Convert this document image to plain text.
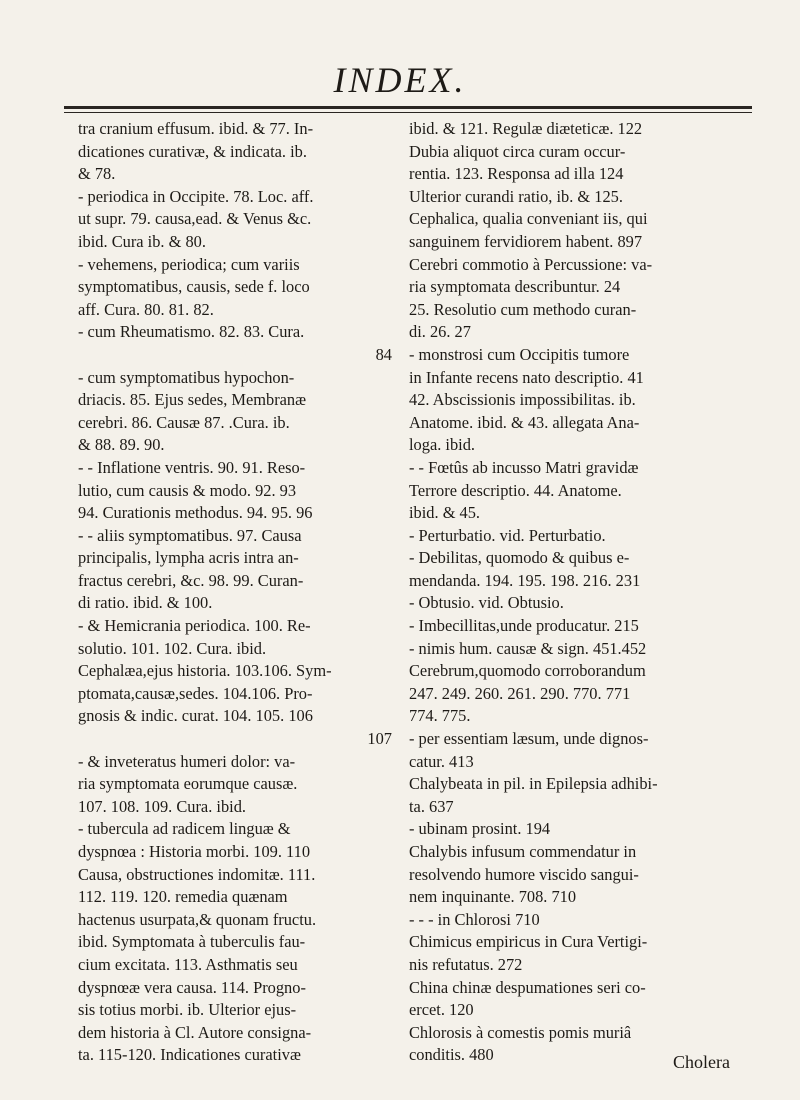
INDEX.
tra cranium effusum. ibid. & 77. In-
dicationes curativæ, & indicata. ib.
& 78.
- periodica in Occipite. 78. Loc. aff.
ut supr. 79. causa,ead. & Venus &c.
ibid. Cura ib. & 80.
- vehemens, periodica; cum variis
symptomatibus, causis, sede f. loco
aff. Cura. 80. 81. 82.
- cum Rheumatismo. 82. 83. Cura.
84
- cum symptomatibus hypochon-
driacis. 85. Ejus sedes, Membranæ
cerebri. 86. Causæ 87. .Cura. ib.
& 88. 89. 90.
- - Inflatione ventris. 90. 91. Reso-
lutio, cum causis & modo. 92. 93
94. Curationis methodus. 94. 95. 96
- - aliis symptomatibus. 97. Causa
principalis, lympha acris intra an-
fractus cerebri, &c. 98. 99. Curan-
di ratio. ibid. & 100.
- & Hemicrania periodica. 100. Re-
solutio. 101. 102. Cura. ibid.
Cephalæa,ejus historia. 103.106. Sym-
ptomata,causæ,sedes. 104.106. Pro-
gnosis & indic. curat. 104. 105. 106
107
- & inveteratus humeri dolor: va-
ria symptomata eorumque causæ.
107. 108. 109. Cura. ibid.
- tubercula ad radicem linguæ &
dyspnœa : Historia morbi. 109. 110
Causa, obstructiones indomitæ. 111.
112. 119. 120. remedia quænam
hactenus usurpata,& quonam fructu.
ibid. Symptomata à tuberculis fau-
cium excitata. 113. Asthmatis seu
dyspnœæ vera causa. 114. Progno-
sis totius morbi. ib. Ulterior ejus-
dem historia à Cl. Autore consigna-
ta. 115-120. Indicationes curativæ
ibid. & 121. Regulæ diæteticæ. 122
Dubia aliquot circa curam occur-
rentia. 123. Responsa ad illa 124
Ulterior curandi ratio, ib. & 125.
Cephalica, qualia conveniant iis, qui
sanguinem fervidiorem habent. 897
Cerebri commotio à Percussione: va-
ria symptomata describuntur. 24
25. Resolutio cum methodo curan-
di. 26. 27
- monstrosi cum Occipitis tumore
in Infante recens nato descriptio. 41
42. Abscissionis impossibilitas. ib.
Anatome. ibid. & 43. allegata Ana-
loga. ibid.
- - Fœtûs ab incusso Matri gravidæ
Terrore descriptio. 44. Anatome.
ibid. & 45.
- Perturbatio. vid. Perturbatio.
- Debilitas, quomodo & quibus e-
mendanda. 194. 195. 198. 216. 231
- Obtusio. vid. Obtusio.
- Imbecillitas,unde producatur. 215
- nimis hum. causæ & sign. 451.452
Cerebrum,quomodo corroborandum
247. 249. 260. 261. 290. 770. 771
774. 775.
- per essentiam læsum, unde dignos-
catur. 413
Chalybeata in pil. in Epilepsia adhibi-
ta. 637
- ubinam prosint. 194
Chalybis infusum commendatur in
resolvendo humore viscido sangui-
nem inquinante. 708. 710
- - - in Chlorosi 710
Chimicus empiricus in Cura Vertigi-
nis refutatus. 272
China chinæ despumationes seri co-
ercet. 120
Chlorosis à comestis pomis muriâ
conditis. 480	Cholera
